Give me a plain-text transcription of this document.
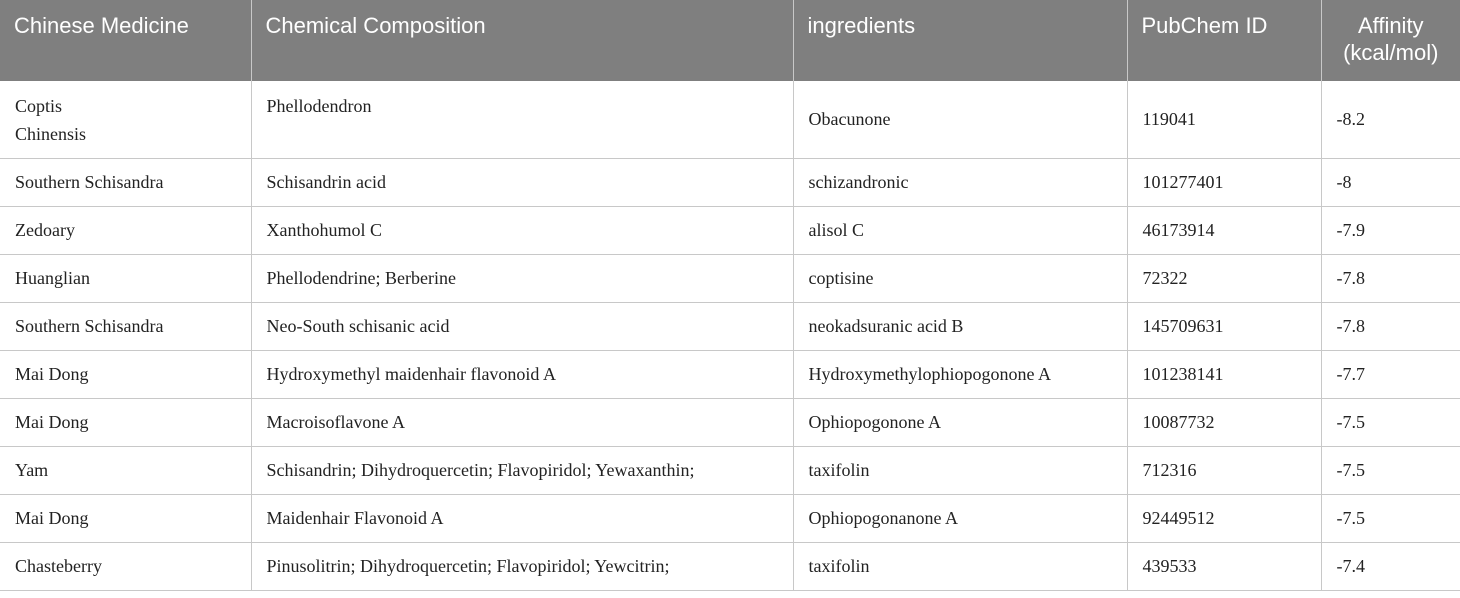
Chinese Medicine	Chemical Composition	ingredients	PubChem ID	Affinity
(kcal/mol)

Coptis
Chinensis	Phellodendron	Obacunone	119041	-8.2
Southern Schisandra	Schisandrin acid	schizandronic	101277401	-8
Zedoary	Xanthohumol C	alisol C	46173914	-7.9
Huanglian	Phellodendrine; Berberine	coptisine	72322	-7.8
Southern Schisandra	Neo-South schisanic acid	neokadsuranic acid B	145709631	-7.8
Mai Dong	Hydroxymethyl maidenhair flavonoid A	Hydroxymethylophiopogonone A	101238141	-7.7
Mai Dong	Macroisoflavone A	Ophiopogonone A	10087732	-7.5
Yam	Schisandrin; Dihydroquercetin; Flavopiridol; Yewaxanthin;	taxifolin	712316	-7.5
Mai Dong	Maidenhair Flavonoid A	Ophiopogonanone A	92449512	-7.5
Chasteberry	Pinusolitrin; Dihydroquercetin; Flavopiridol; Yewcitrin;	taxifolin	439533	-7.4
